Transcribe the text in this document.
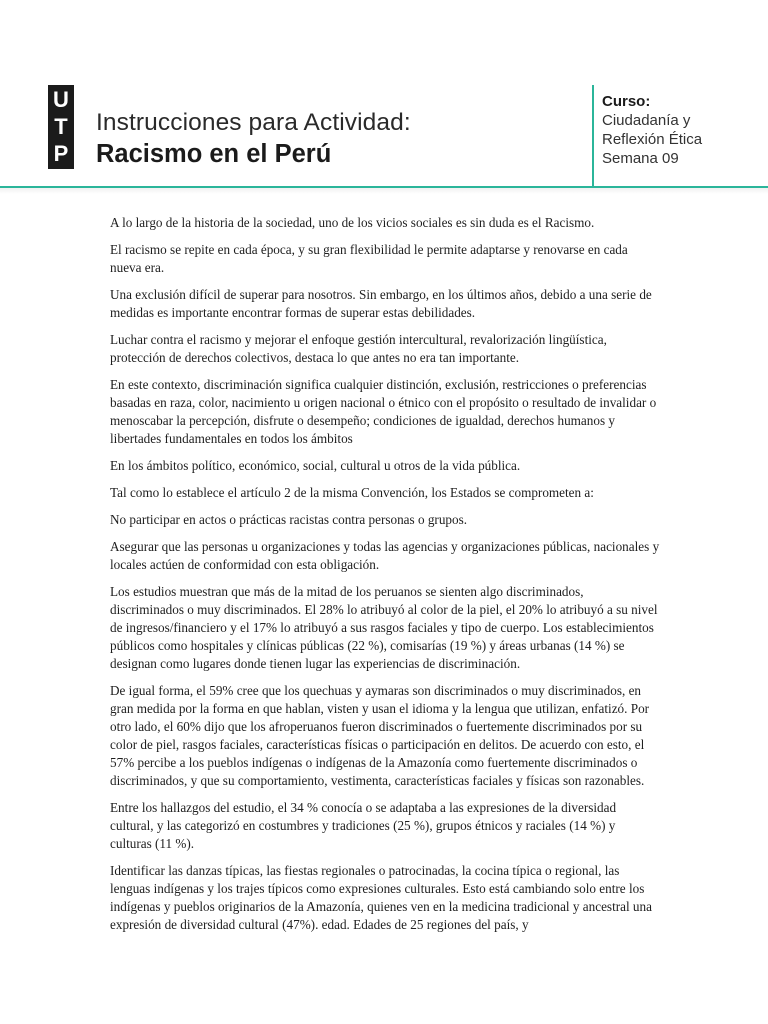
U
T
P
Instrucciones para Actividad:
Racismo en el Perú
Curso:
Ciudadanía y
Reflexión Ética
Semana 09

A lo largo de la historia de la sociedad, uno de los vicios sociales es sin duda es el Racismo.

El racismo se repite en cada época, y su gran flexibilidad le permite adaptarse y renovarse en cada nueva era.

Una exclusión difícil de superar para nosotros. Sin embargo, en los últimos años, debido a una serie de medidas es importante encontrar formas de superar estas debilidades.

Luchar contra el racismo y mejorar el enfoque gestión intercultural, revalorización lingüística, protección de derechos colectivos, destaca lo que antes no era tan importante.

En este contexto, discriminación significa cualquier distinción, exclusión, restricciones o preferencias basadas en raza, color, nacimiento u origen nacional o étnico con el propósito o resultado de invalidar o menoscabar la percepción, disfrute o desempeño; condiciones de igualdad, derechos humanos y libertades fundamentales en todos los ámbitos

En los ámbitos político, económico, social, cultural u otros de la vida pública.

Tal como lo establece el artículo 2 de la misma Convención, los Estados se comprometen a:

No participar en actos o prácticas racistas contra personas o grupos.

Asegurar que las personas u organizaciones y todas las agencias y organizaciones públicas, nacionales y locales actúen de conformidad con esta obligación.

Los estudios muestran que más de la mitad de los peruanos se sienten algo discriminados, discriminados o muy discriminados. El 28% lo atribuyó al color de la piel, el 20% lo atribuyó a su nivel de ingresos/financiero y el 17% lo atribuyó a sus rasgos faciales y tipo de cuerpo. Los establecimientos públicos como hospitales y clínicas públicas (22 %), comisarías (19 %) y áreas urbanas (14 %) se designan como lugares donde tienen lugar las experiencias de discriminación.

De igual forma, el 59% cree que los quechuas y aymaras son discriminados o muy discriminados, en gran medida por la forma en que hablan, visten y usan el idioma y la lengua que utilizan, enfatizó. Por otro lado, el 60% dijo que los afroperuanos fueron discriminados o fuertemente discriminados por su color de piel, rasgos faciales, características físicas o participación en delitos. De acuerdo con esto, el 57% percibe a los pueblos indígenas o indígenas de la Amazonía como fuertemente discriminados o discriminados, y que su comportamiento, vestimenta, características faciales y físicas son razonables.

Entre los hallazgos del estudio, el 34 % conocía o se adaptaba a las expresiones de la diversidad cultural, y las categorizó en costumbres y tradiciones (25 %), grupos étnicos y raciales (14 %) y culturas (11 %).

Identificar las danzas típicas, las fiestas regionales o patrocinadas, la cocina típica o regional, las lenguas indígenas y los trajes típicos como expresiones culturales. Esto está cambiando solo entre los indígenas y pueblos originarios de la Amazonía, quienes ven en la medicina tradicional y ancestral una expresión de diversidad cultural (47%). edad. Edades de 25 regiones del país, y
